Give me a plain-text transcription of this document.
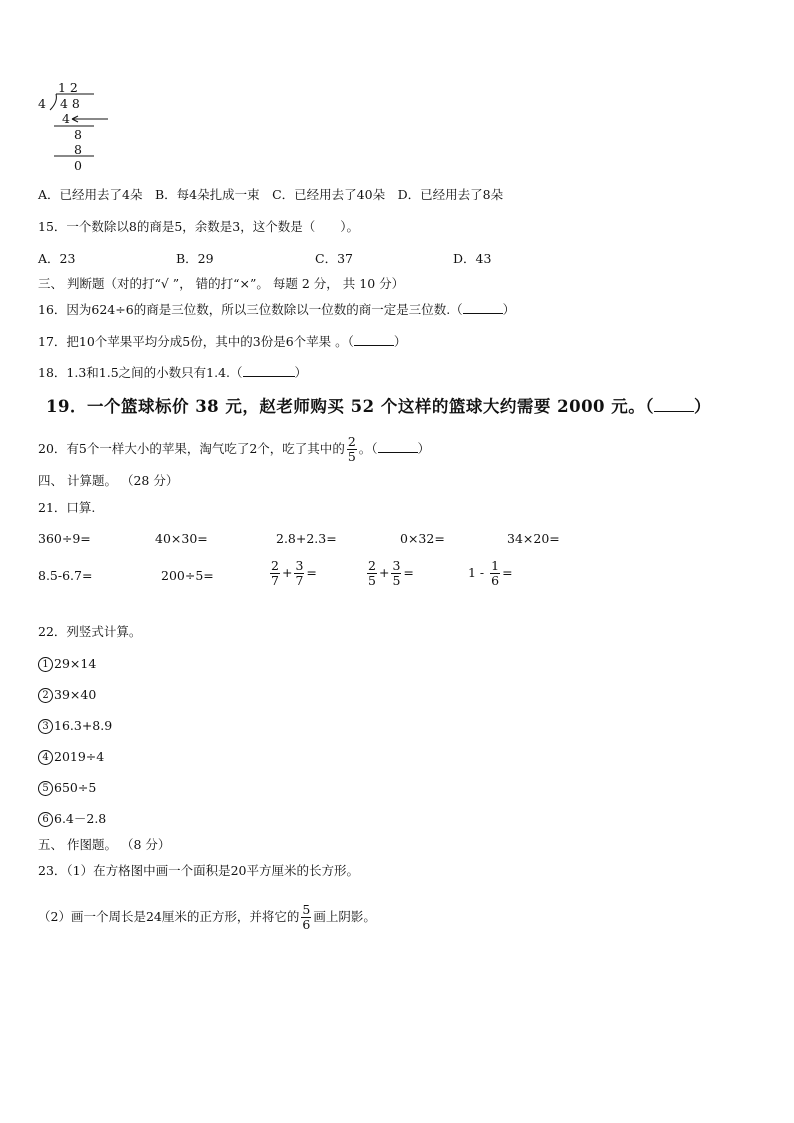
1 2
4 4 8
4
8
8
0
A．已经用去了4朵　B．每4朵扎成一束　C．已经用去了40朵　D．已经用去了8朵
15．一个数除以8的商是5，余数是3，这个数是（　　）。
A．23	B．29	C．37	D．43
三、 判断题（对的打“√ ”， 错的打“×”。 每题 2 分， 共 10 分）
16．因为624÷6的商是三位数，所以三位数除以一位数的商一定是三位数.（	）
17．把10个苹果平均分成5份，其中的3份是6个苹果 。（	）
18．1.3和1.5之间的小数只有1.4.（	）
19．一个篮球标价 38 元，赵老师购买 52 个这样的篮球大约需要 2000 元。（ ）
20．有5个一样大小的苹果，淘气吃了2个，吃了其中的 $\frac{2}{5}$ 。（	）
四、 计算题。 （28 分）
21．口算.
360÷9=	40×30=	2.8+2.3=	0×32=	34×20=
8.5-6.7=	200÷5=	$\frac{2}{7} + \frac{3}{7}$ =	$\frac{2}{5} + \frac{3}{5}$ =	$1 - \frac{1}{6}$ =
22．列竖式计算。
1 29×14
2 39×40
3 16.3+8.9
4 2019÷4
5 650÷5
6 6.4－2.8
五、 作图题。 （8 分）
23．（1）在方格图中画一个面积是20平方厘米的长方形。
（2）画一个周长是24厘米的正方形，并将它的 $\frac{5}{6}$ 画上阴影。
